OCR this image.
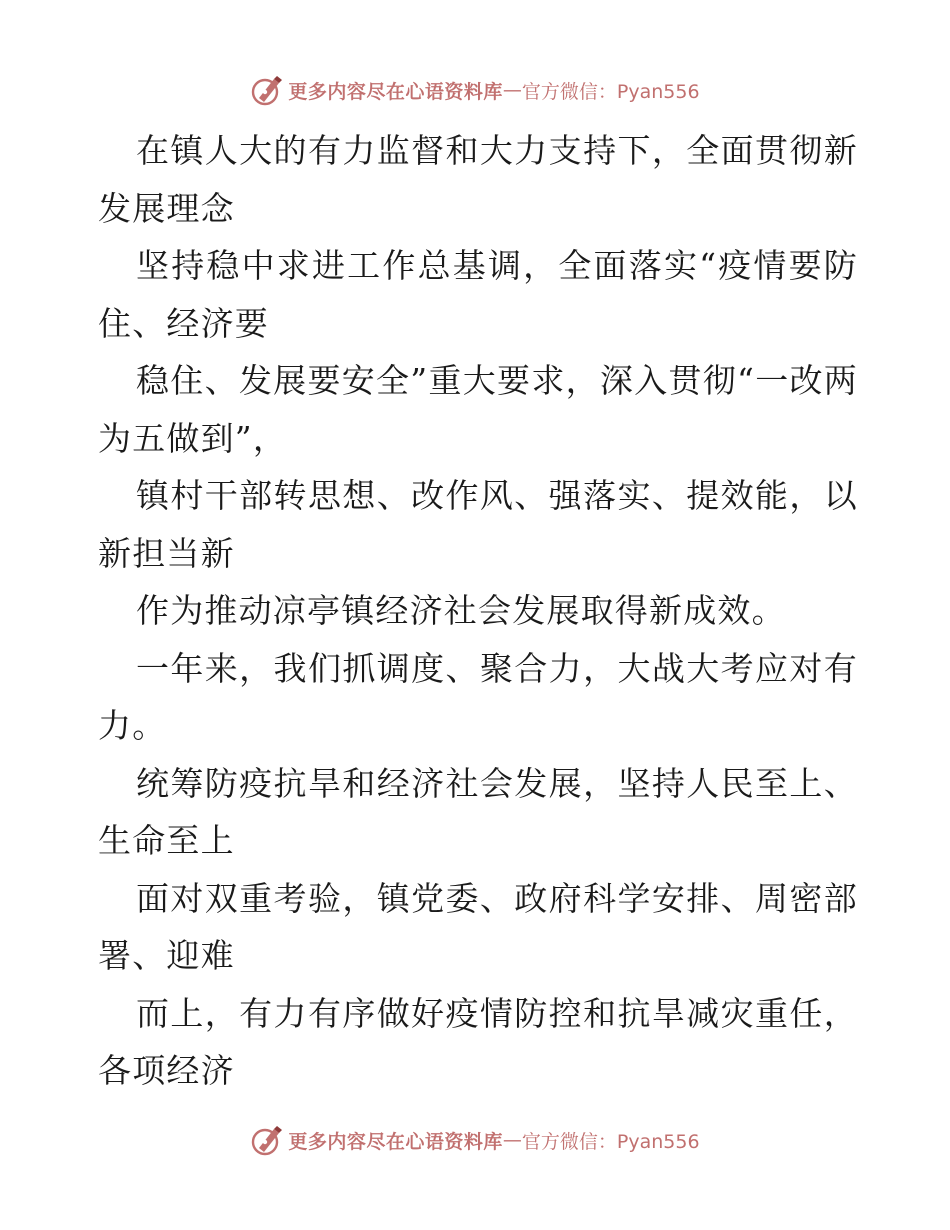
更多内容尽在心语资料库 — 官方微信：Pyan556

在镇人大的有力监督和大力支持下，全面贯彻新发展理念

坚持稳中求进工作总基调，全面落实“疫情要防住、经济要

稳住、发展要安全”重大要求，深入贯彻“一改两为五做到”，

镇村干部转思想、改作风、强落实、提效能，以新担当新

作为推动凉亭镇经济社会发展取得新成效。

一年来，我们抓调度、聚合力，大战大考应对有力。

统筹防疫抗旱和经济社会发展，坚持人民至上、生命至上

面对双重考验，镇党委、政府科学安排、周密部署、迎难

而上，有力有序做好疫情防控和抗旱减灾重任，各项经济

更多内容尽在心语资料库 — 官方微信：Pyan556
